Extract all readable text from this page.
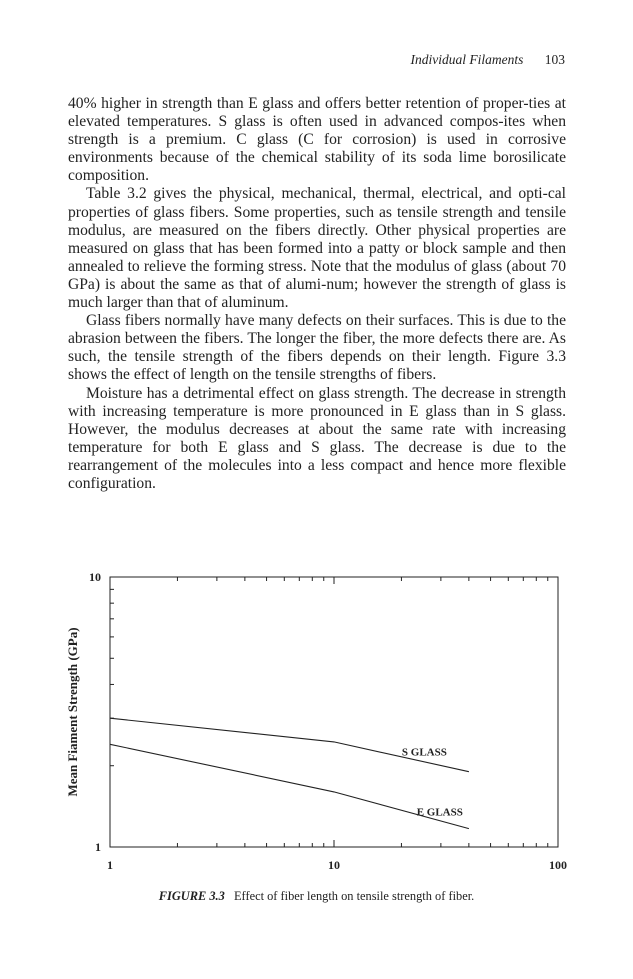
Individual Filaments 103

40% higher in strength than E glass and offers better retention of proper-ties at elevated temperatures. S glass is often used in advanced compos-ites when strength is a premium. C glass (C for corrosion) is used in corrosive environments because of the chemical stability of its soda lime borosilicate composition.

Table 3.2 gives the physical, mechanical, thermal, electrical, and opti-cal properties of glass fibers. Some properties, such as tensile strength and tensile modulus, are measured on the fibers directly. Other physical properties are measured on glass that has been formed into a patty or block sample and then annealed to relieve the forming stress. Note that the modulus of glass (about 70 GPa) is about the same as that of alumi-num; however the strength of glass is much larger than that of aluminum.

Glass fibers normally have many defects on their surfaces. This is due to the abrasion between the fibers. The longer the fiber, the more defects there are. As such, the tensile strength of the fibers depends on their length. Figure 3.3 shows the effect of length on the tensile strengths of fibers.

Moisture has a detrimental effect on glass strength. The decrease in strength with increasing temperature is more pronounced in E glass than in S glass. However, the modulus decreases at about the same rate with increasing temperature for both E glass and S glass. The decrease is due to the rearrangement of the molecules into a less compact and hence more flexible configuration.

1	10	100
1
10
Mean Fiament Strength (GPa)	S GLASS
E GLASS
FIGURE 3.3 Effect of fiber length on tensile strength of fiber.
